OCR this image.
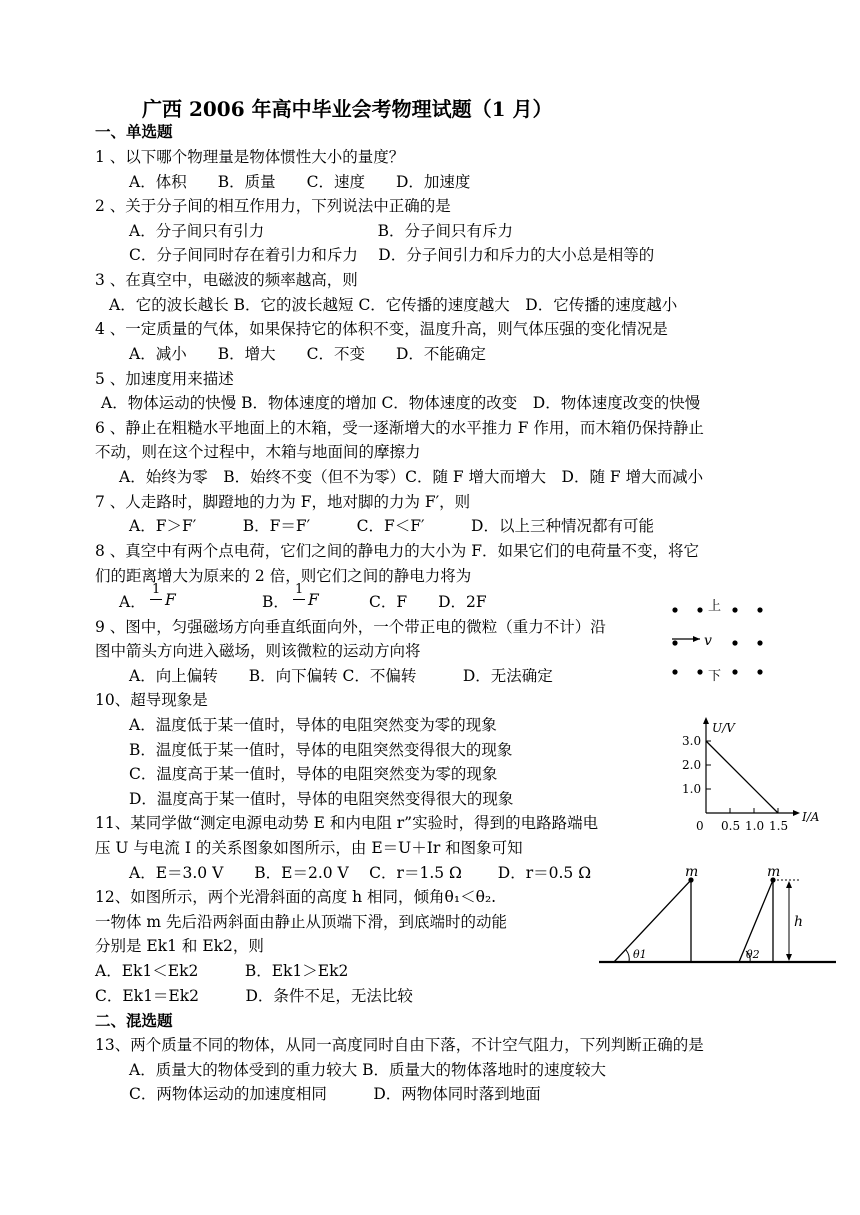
广西 2006 年高中毕业会考物理试题（1 月）
一、单选题
1 、以下哪个物理量是物体惯性大小的量度？
A．体积　　B．质量　　C．速度　　D．加速度
2 、关于分子间的相互作用力，下列说法中正确的是
A．分子间只有引力　　　　　　　 B．分子间只有斥力
C．分子间同时存在着引力和斥力　 D．分子间引力和斥力的大小总是相等的
3 、在真空中，电磁波的频率越高，则
A．它的波长越长 B．它的波长越短 C．它传播的速度越大　D．它传播的速度越小
4 、一定质量的气体，如果保持它的体积不变，温度升高，则气体压强的变化情况是
A．减小　　B．增大　　C．不变　　D．不能确定
5 、加速度用来描述
A．物体运动的快慢 B．物体速度的增加 C．物体速度的改变　D．物体速度改变的快慢
6 、静止在粗糙水平地面上的木箱，受一逐渐增大的水平推力 F 作用，而木箱仍保持静止
不动，则在这个过程中，木箱与地面间的摩擦力
A．始终为零　B．始终不变（但不为零）C．随 F 增大而增大　D．随 F 增大而减小
7 、人走路时，脚蹬地的力为 F，地对脚的力为 F′，则
A．F＞F′　　　B．F＝F′　　　C．F＜F′　　　D．以上三种情况都有可能
8 、真空中有两个点电荷，它们之间的静电力的大小为 F．如果它们的电荷量不变，将它
们的距离增大为原来的 2 倍，则它们之间的静电力将为
A．
1
F	B．
1
F	C．F　　D．2F
9 、图中，匀强磁场方向垂直纸面向外，一个带正电的微粒（重力不计）沿
图中箭头方向进入磁场，则该微粒的运动方向将
A．向上偏转　　B．向下偏转 C．不偏转　　　D．无法确定
v
上
下
10、超导现象是
A．温度低于某一值时，导体的电阻突然变为零的现象
B．温度低于某一值时，导体的电阻突然变得很大的现象
C．温度高于某一值时，导体的电阻突然变为零的现象
D．温度高于某一值时，导体的电阻突然变得很大的现象
1.0
2.0
3.0
0.5 1.0 1.5
0
U/V
I/A
11、某同学做“测定电源电动势 E 和内电阻 r”实验时，得到的电路路端电
压 U 与电流 I 的关系图象如图所示，由 E＝U＋Ir 和图象可知
A．E＝3.0 V　　B．E＝2.0 V　 C．r＝1.5 Ω　　 D．r＝0.5 Ω
12、如图所示，两个光滑斜面的高度 h 相同，倾角θ₁＜θ₂.
一物体 m 先后沿两斜面由静止从顶端下滑，到底端时的动能
分别是 Ek1 和 Ek2，则
A．Ek1＜Ek2　　　B．Ek1＞Ek2
C．Ek1＝Ek2　　　D．条件不足，无法比较
m	m
h
θ1	θ2
二、混选题
13、两个质量不同的物体，从同一高度同时自由下落，不计空气阻力，下列判断正确的是
A．质量大的物体受到的重力较大 B．质量大的物体落地时的速度较大
C．两物体运动的加速度相同　　　D．两物体同时落到地面
